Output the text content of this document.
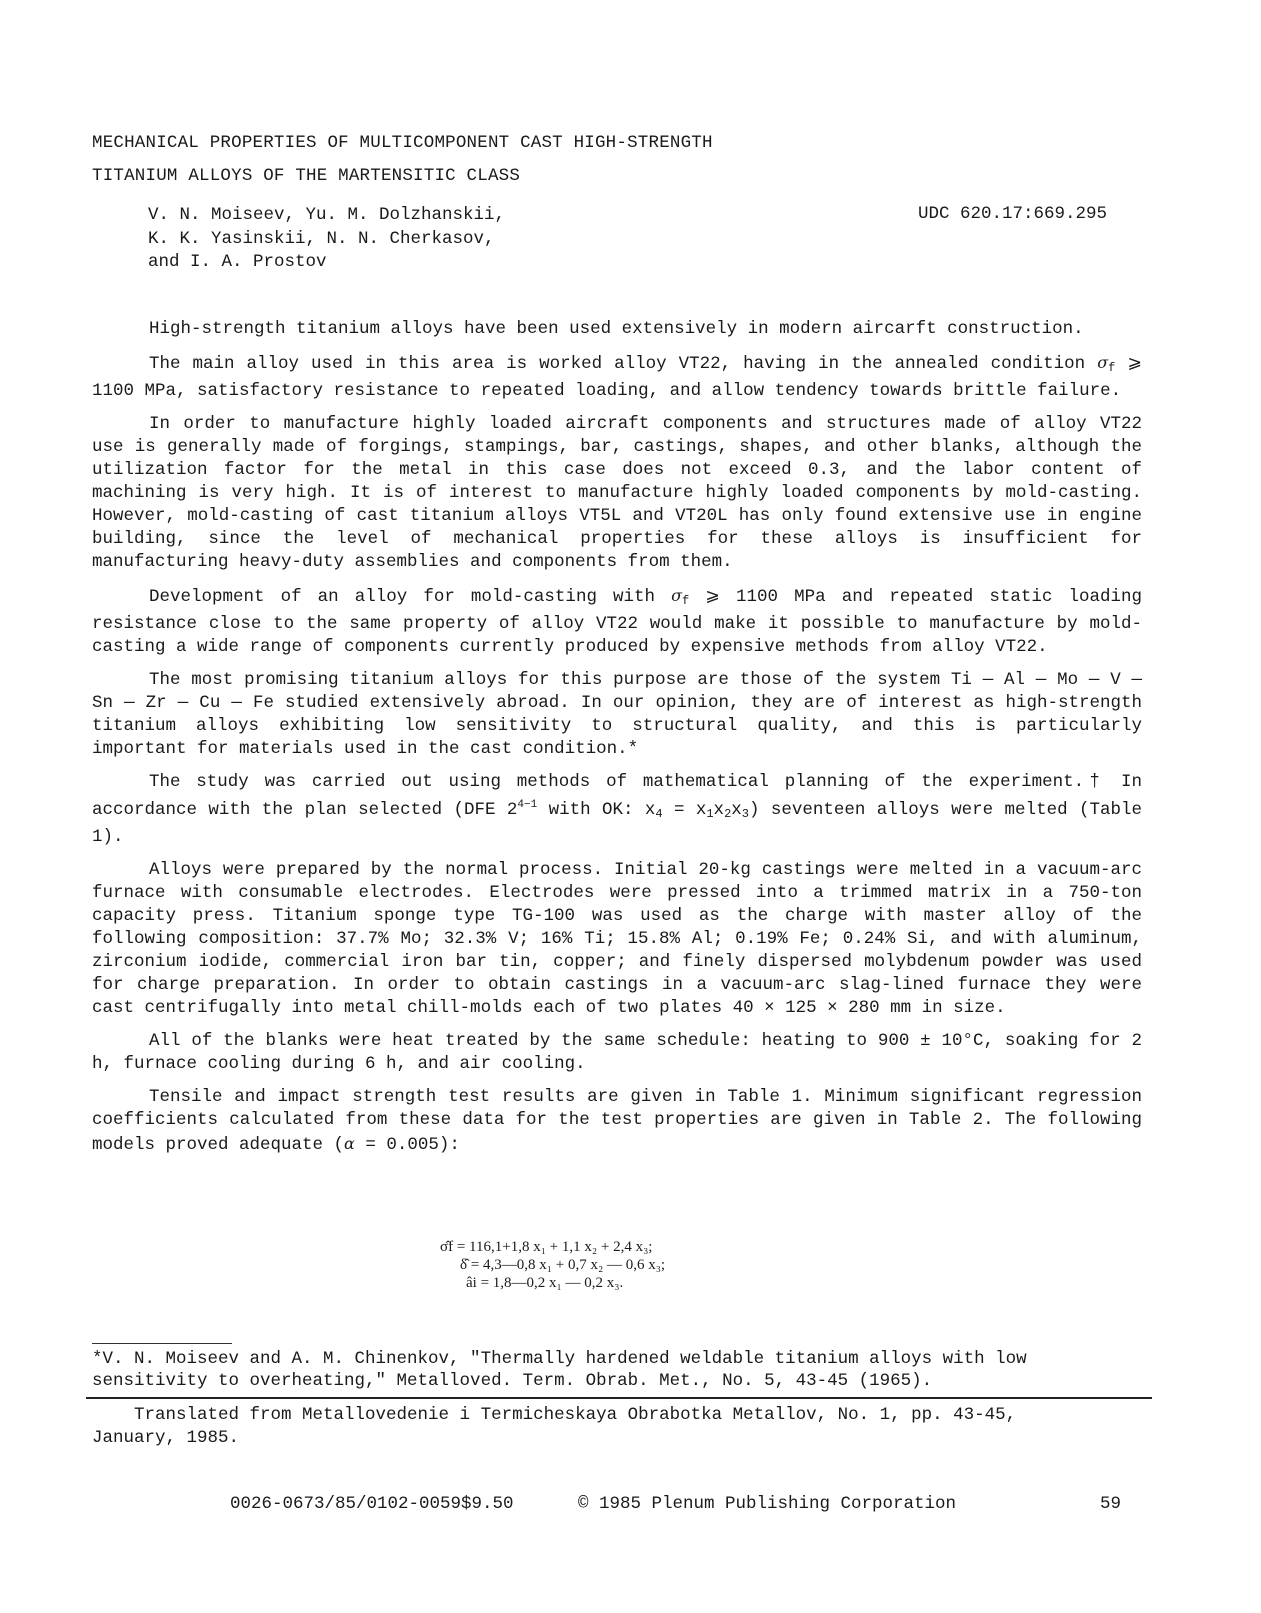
MECHANICAL PROPERTIES OF MULTICOMPONENT CAST HIGH-STRENGTH
TITANIUM ALLOYS OF THE MARTENSITIC CLASS
V. N. Moiseev, Yu. M. Dolzhanskii,
K. K. Yasinskii, N. N. Cherkasov,
and I. A. Prostov
UDC 620.17:669.295

High-strength titanium alloys have been used extensively in modern aircarft construction.

The main alloy used in this area is worked alloy VT22, having in the annealed condition $\sigma_f$ ⩾ 1100 MPa, satisfactory resistance to repeated loading, and allow tendency towards brittle failure.

In order to manufacture highly loaded aircraft components and structures made of alloy VT22 use is generally made of forgings, stampings, bar, castings, shapes, and other blanks, although the utilization factor for the metal in this case does not exceed 0.3, and the labor content of machining is very high. It is of interest to manufacture highly loaded components by mold-casting. However, mold-casting of cast titanium alloys VT5L and VT20L has only found extensive use in engine building, since the level of mechanical properties for these alloys is insufficient for manufacturing heavy-duty assemblies and components from them.

Development of an alloy for mold-casting with $\sigma_f$ ⩾ 1100 MPa and repeated static loading resistance close to the same property of alloy VT22 would make it possible to manufacture by mold-casting a wide range of components currently produced by expensive methods from alloy VT22.

The most promising titanium alloys for this purpose are those of the system Ti — Al — Mo — V — Sn — Zr — Cu — Fe studied extensively abroad. In our opinion, they are of interest as high-strength titanium alloys exhibiting low sensitivity to structural quality, and this is particularly important for materials used in the cast condition.*

The study was carried out using methods of mathematical planning of the experiment.† In accordance with the plan selected (DFE $2^{4-1}$ with OK: $x_4 = x_1x_2x_3$) seventeen alloys were melted (Table 1).

Alloys were prepared by the normal process. Initial 20-kg castings were melted in a vacuum-arc furnace with consumable electrodes. Electrodes were pressed into a trimmed matrix in a 750-ton capacity press. Titanium sponge type TG-100 was used as the charge with master alloy of the following composition: 37.7% Mo; 32.3% V; 16% Ti; 15.8% Al; 0.19% Fe; 0.24% Si, and with aluminum, zirconium iodide, commercial iron bar tin, copper; and finely dispersed molybdenum powder was used for charge preparation. In order to obtain castings in a vacuum-arc slag-lined furnace they were cast centrifugally into metal chill-molds each of two plates 40 × 125 × 280 mm in size.

All of the blanks were heat treated by the same schedule: heating to 900 ± 10°C, soaking for 2 h, furnace cooling during 6 h, and air cooling.

Tensile and impact strength test results are given in Table 1. Minimum significant regression coefficients calculated from these data for the test properties are given in Table 2. The following models proved adequate (α = 0.005):

σ̂f = 116,1+1,8 x₁ + 1,1 x₂ + 2,4 x₃;
δ̂ = 4,3—0,8 x₁ + 0,7 x₂ — 0,6 x₃;
âi = 1,8—0,2 x₁ — 0,2 x₃.
*V. N. Moiseev and A. M. Chinenkov, "Thermally hardened weldable titanium alloys with low
sensitivity to overheating," Metalloved. Term. Obrab. Met., No. 5, 43-45 (1965).
Translated from Metallovedenie i Termicheskaya Obrabotka Metallov, No. 1, pp. 43-45,
January, 1985.
0026-0673/85/0102-0059$9.50	© 1985 Plenum Publishing Corporation	59
